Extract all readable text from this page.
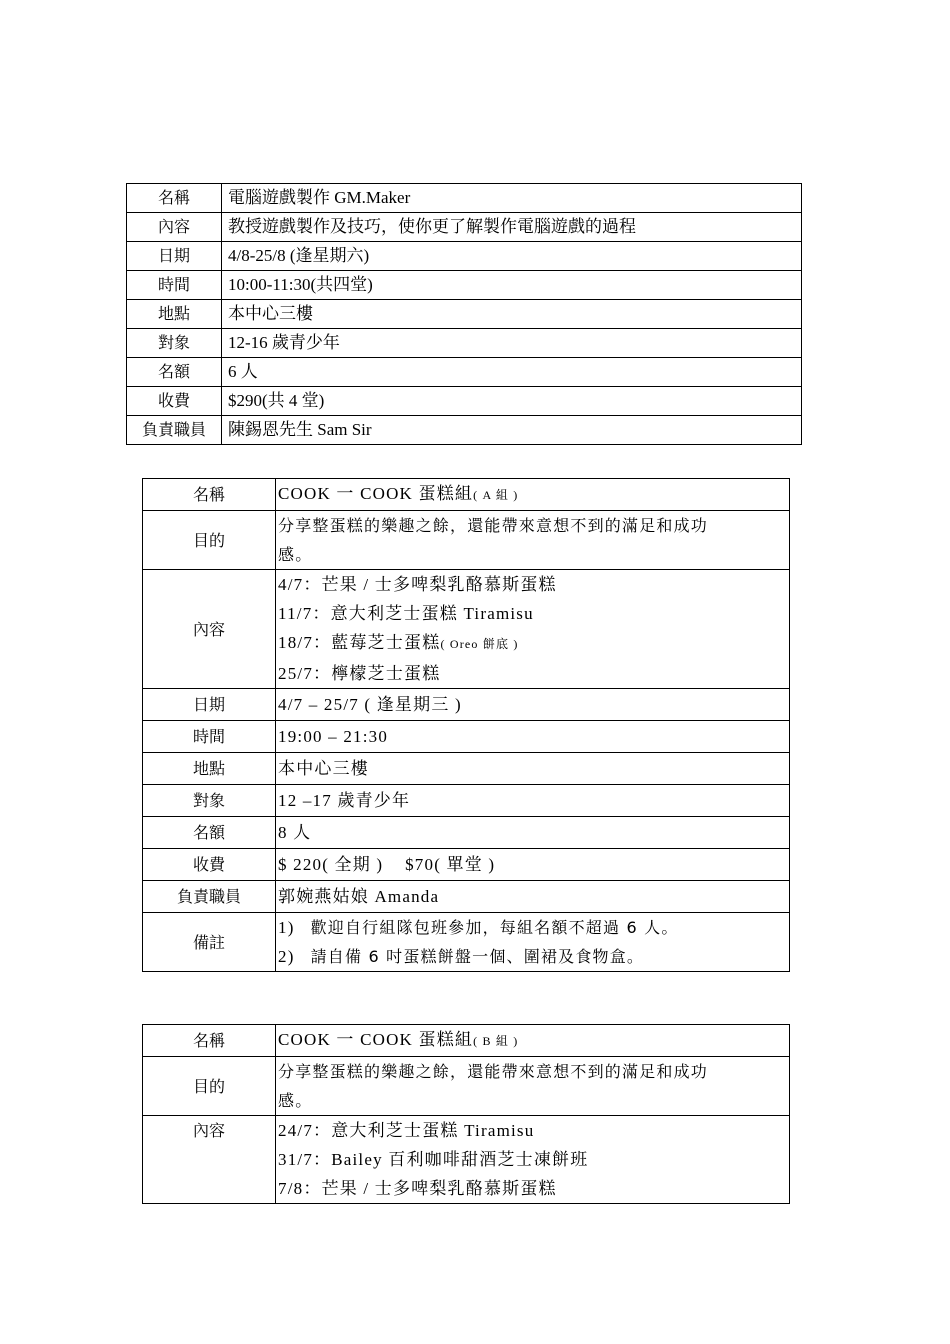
名稱	電腦遊戲製作 GM.Maker
內容	教授遊戲製作及技巧，使你更了解製作電腦遊戲的過程
日期	4/8-25/8 (逢星期六)
時間	10:00-11:30(共四堂)
地點	本中心三樓
對象	12-16 歲青少年
名額	6 人
收費	$290(共 4 堂)
負責職員	陳錫恩先生 Sam Sir
名稱	COOK 一 COOK 蛋糕組( A 組 )
目的	分享整蛋糕的樂趣之餘，還能帶來意想不到的滿足和成功
感。

內容	4/7：芒果 / 士多啤梨乳酪慕斯蛋糕
11/7：意大利芝士蛋糕 Tiramisu
18/7：藍莓芝士蛋糕( Oreo 餅底 )
25/7：檸檬芝士蛋糕

日期	4/7 – 25/7 ( 逢星期三 )
時間	19:00 – 21:30
地點	本中心三樓
對象	12 –17 歲青少年
名額	8 人
收費	$ 220( 全期 ) $70( 單堂 )
負責職員	郭婉燕姑娘 Amanda
備註	1) 歡迎自行組隊包班參加，每組名額不超過 6 人。
2) 請自備 6 吋蛋糕餅盤一個、圍裙及食物盒。
名稱	COOK 一 COOK 蛋糕組( B 組 )
目的	分享整蛋糕的樂趣之餘，還能帶來意想不到的滿足和成功
感。

內容	24/7：意大利芝士蛋糕 Tiramisu
31/7：Bailey 百利咖啡甜酒芝士凍餅班
7/8：芒果 / 士多啤梨乳酪慕斯蛋糕
